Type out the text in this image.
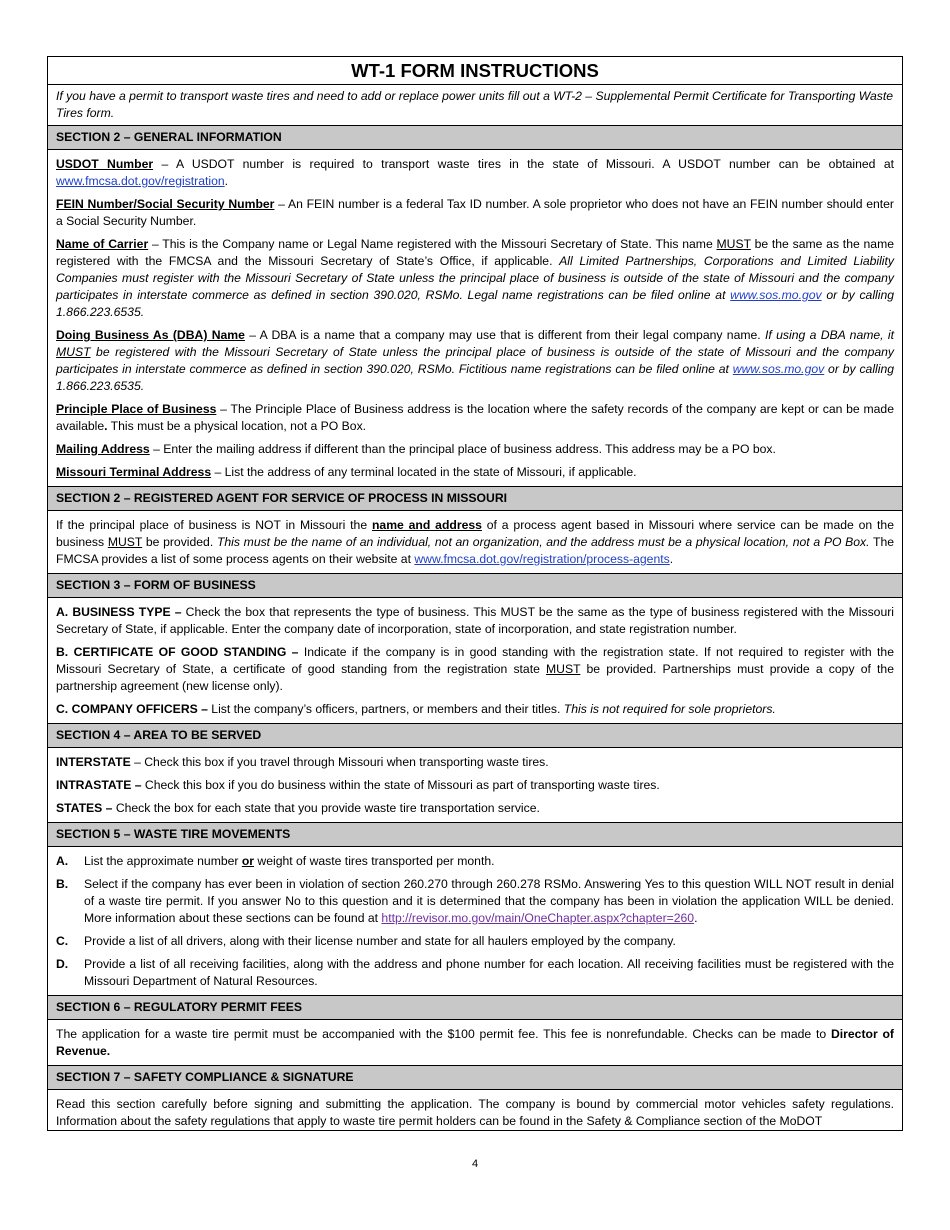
WT-1 FORM INSTRUCTIONS
If you have a permit to transport waste tires and need to add or replace power units fill out a WT-2 – Supplemental Permit Certificate for Transporting Waste Tires form.
SECTION 2 – GENERAL INFORMATION

USDOT Number – A USDOT number is required to transport waste tires in the state of Missouri. A USDOT number can be obtained at www.fmcsa.dot.gov/registration.

FEIN Number/Social Security Number – An FEIN number is a federal Tax ID number. A sole proprietor who does not have an FEIN number should enter a Social Security Number.

Name of Carrier – This is the Company name or Legal Name registered with the Missouri Secretary of State. This name MUST be the same as the name registered with the FMCSA and the Missouri Secretary of State’s Office, if applicable. All Limited Partnerships, Corporations and Limited Liability Companies must register with the Missouri Secretary of State unless the principal place of business is outside of the state of Missouri and the company participates in interstate commerce as defined in section 390.020, RSMo. Legal name registrations can be filed online at www.sos.mo.gov or by calling 1.866.223.6535.

Doing Business As (DBA) Name – A DBA is a name that a company may use that is different from their legal company name. If using a DBA name, it MUST be registered with the Missouri Secretary of State unless the principal place of business is outside of the state of Missouri and the company participates in interstate commerce as defined in section 390.020, RSMo. Fictitious name registrations can be filed online at www.sos.mo.gov or by calling 1.866.223.6535.

Principle Place of Business – The Principle Place of Business address is the location where the safety records of the company are kept or can be made available. This must be a physical location, not a PO Box.

Mailing Address – Enter the mailing address if different than the principal place of business address. This address may be a PO box.

Missouri Terminal Address – List the address of any terminal located in the state of Missouri, if applicable.

SECTION 2 – REGISTERED AGENT FOR SERVICE OF PROCESS IN MISSOURI

If the principal place of business is NOT in Missouri the name and address of a process agent based in Missouri where service can be made on the business MUST be provided. This must be the name of an individual, not an organization, and the address must be a physical location, not a PO Box. The FMCSA provides a list of some process agents on their website at www.fmcsa.dot.gov/registration/process-agents.

SECTION 3 – FORM OF BUSINESS

A. BUSINESS TYPE – Check the box that represents the type of business. This MUST be the same as the type of business registered with the Missouri Secretary of State, if applicable. Enter the company date of incorporation, state of incorporation, and state registration number.

B. CERTIFICATE OF GOOD STANDING – Indicate if the company is in good standing with the registration state. If not required to register with the Missouri Secretary of State, a certificate of good standing from the registration state MUST be provided. Partnerships must provide a copy of the partnership agreement (new license only).

C. COMPANY OFFICERS – List the company’s officers, partners, or members and their titles. This is not required for sole proprietors.

SECTION 4 – AREA TO BE SERVED

INTERSTATE – Check this box if you travel through Missouri when transporting waste tires.

INTRASTATE – Check this box if you do business within the state of Missouri as part of transporting waste tires.

STATES – Check the box for each state that you provide waste tire transportation service.

SECTION 5 – WASTE TIRE MOVEMENTS
A.	List the approximate number or weight of waste tires transported per month.
B.	Select if the company has ever been in violation of section 260.270 through 260.278 RSMo. Answering Yes to this question WILL NOT result in denial of a waste tire permit. If you answer No to this question and it is determined that the company has been in violation the application WILL be denied. More information about these sections can be found at http://revisor.mo.gov/main/OneChapter.aspx?chapter=260.
C.	Provide a list of all drivers, along with their license number and state for all haulers employed by the company.
D.	Provide a list of all receiving facilities, along with the address and phone number for each location. All receiving facilities must be registered with the Missouri Department of Natural Resources.
SECTION 6 – REGULATORY PERMIT FEES

The application for a waste tire permit must be accompanied with the $100 permit fee. This fee is nonrefundable. Checks can be made to Director of Revenue.

SECTION 7 – SAFETY COMPLIANCE & SIGNATURE

Read this section carefully before signing and submitting the application. The company is bound by commercial motor vehicles safety regulations. Information about the safety regulations that apply to waste tire permit holders can be found in the Safety & Compliance section of the MoDOT

4
